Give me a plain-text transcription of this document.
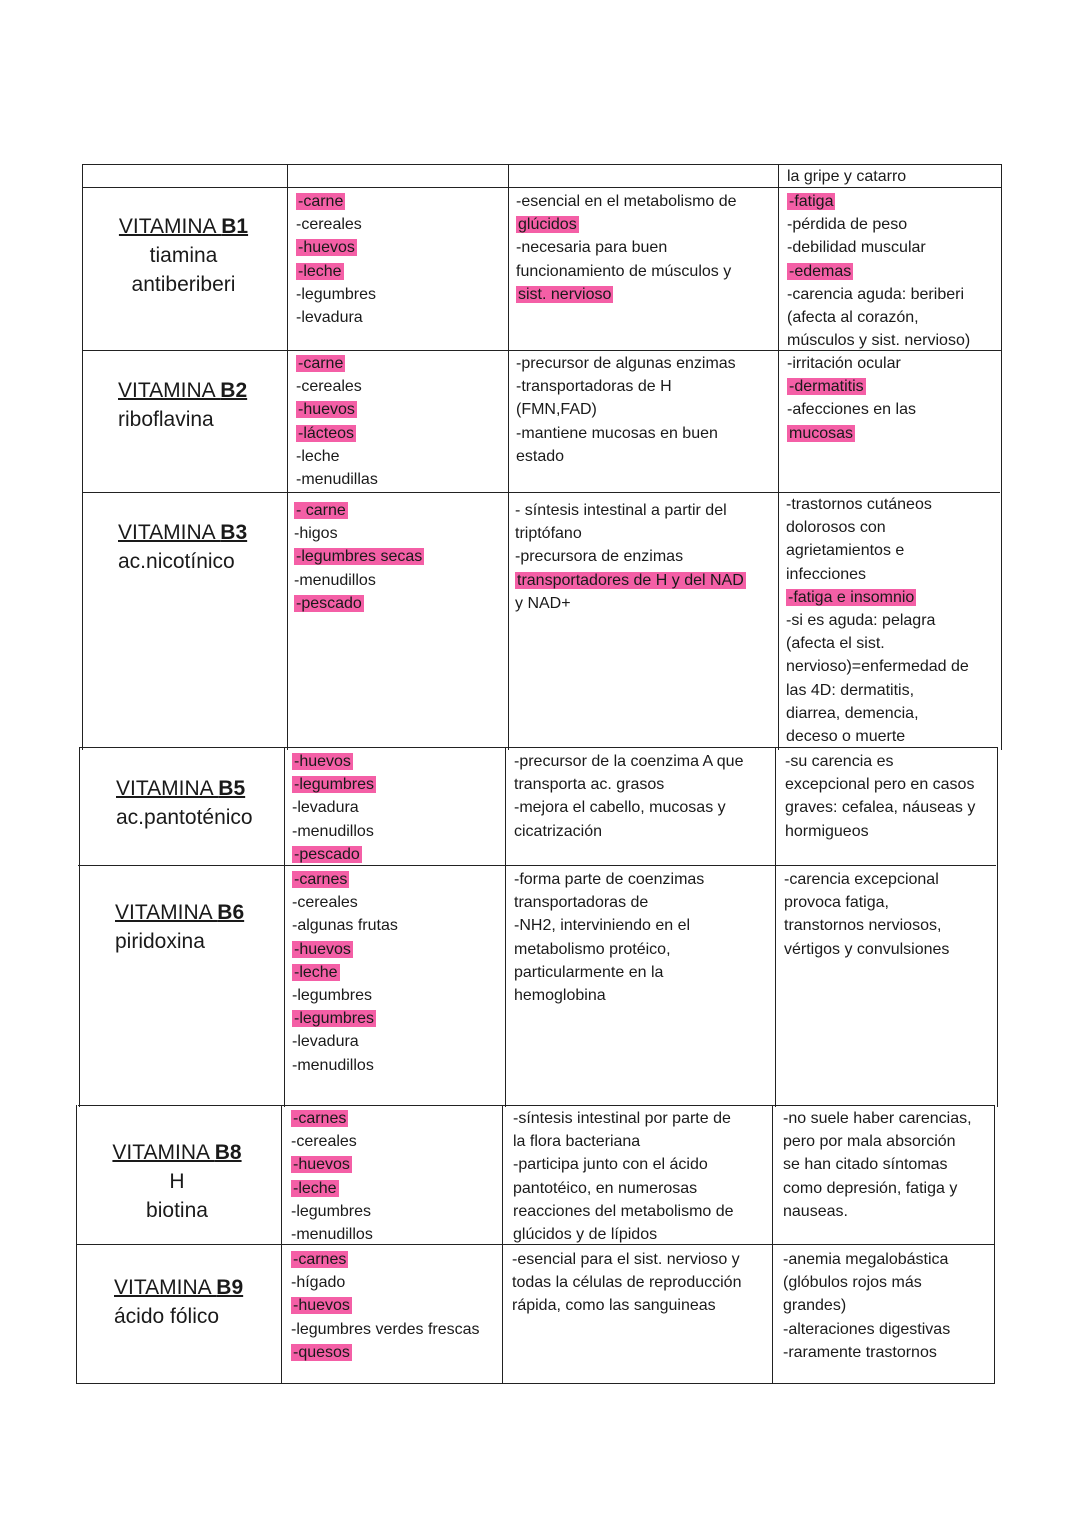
la gripe y catarro
VITAMINA B1
tiamina
antiberiberi
-carne
-cereales
-huevos
-leche
-legumbres
-levadura
-esencial en el metabolismo de
glúcidos
-necesaria para buen
funcionamiento de músculos y
sist. nervioso
-fatiga
-pérdida de peso
-debilidad muscular
-edemas
-carencia aguda: beriberi
(afecta al corazón,
músculos y sist. nervioso)
VITAMINA B2
riboflavina
-carne
-cereales
-huevos
-lácteos
-leche
-menudillas
-precursor de algunas enzimas
-transportadoras de H
(FMN,FAD)
-mantiene mucosas en buen
estado
-irritación ocular
-dermatitis
-afecciones en las
mucosas
VITAMINA B3
ac.nicotínico
- carne
-higos
-legumbres secas
-menudillos
-pescado
- síntesis intestinal a partir del
triptófano
-precursora de enzimas
transportadores de H y del NAD
y NAD+
-trastornos cutáneos
dolorosos con
agrietamientos e
infecciones
-fatiga e insomnio
-si es aguda: pelagra
(afecta el sist.
nervioso)=enfermedad de
las 4D: dermatitis,
diarrea, demencia,
deceso o muerte
VITAMINA B5
ac.pantoténico
-huevos
-legumbres
-levadura
-menudillos
-pescado
-precursor de la coenzima A que
transporta ac. grasos
-mejora el cabello, mucosas y
cicatrización
-su carencia es
excepcional pero en casos
graves: cefalea, náuseas y
hormigueos
VITAMINA B6
piridoxina
-carnes
-cereales
-algunas frutas
-huevos
-leche
-legumbres
-legumbres
-levadura
-menudillos
-forma parte de coenzimas
transportadoras de
-NH2, interviniendo en el
metabolismo protéico,
particularmente en la
hemoglobina
-carencia excepcional
provoca fatiga,
transtornos nerviosos,
vértigos y convulsiones
VITAMINA B8
H
biotina
-carnes
-cereales
-huevos
-leche
-legumbres
-menudillos
-síntesis intestinal por parte de
la flora bacteriana
-participa junto con el ácido
pantotéico, en numerosas
reacciones del metabolismo de
glúcidos y de lípidos
-no suele haber carencias,
pero por mala absorción
se han citado síntomas
como depresión, fatiga y
nauseas.
VITAMINA B9
ácido fólico
-carnes
-hígado
-huevos
-legumbres verdes frescas
-quesos
-esencial para el sist. nervioso y
todas la células de reproducción
rápida, como las sanguineas
-anemia megalobástica
(glóbulos rojos más
grandes)
-alteraciones digestivas
-raramente trastornos
